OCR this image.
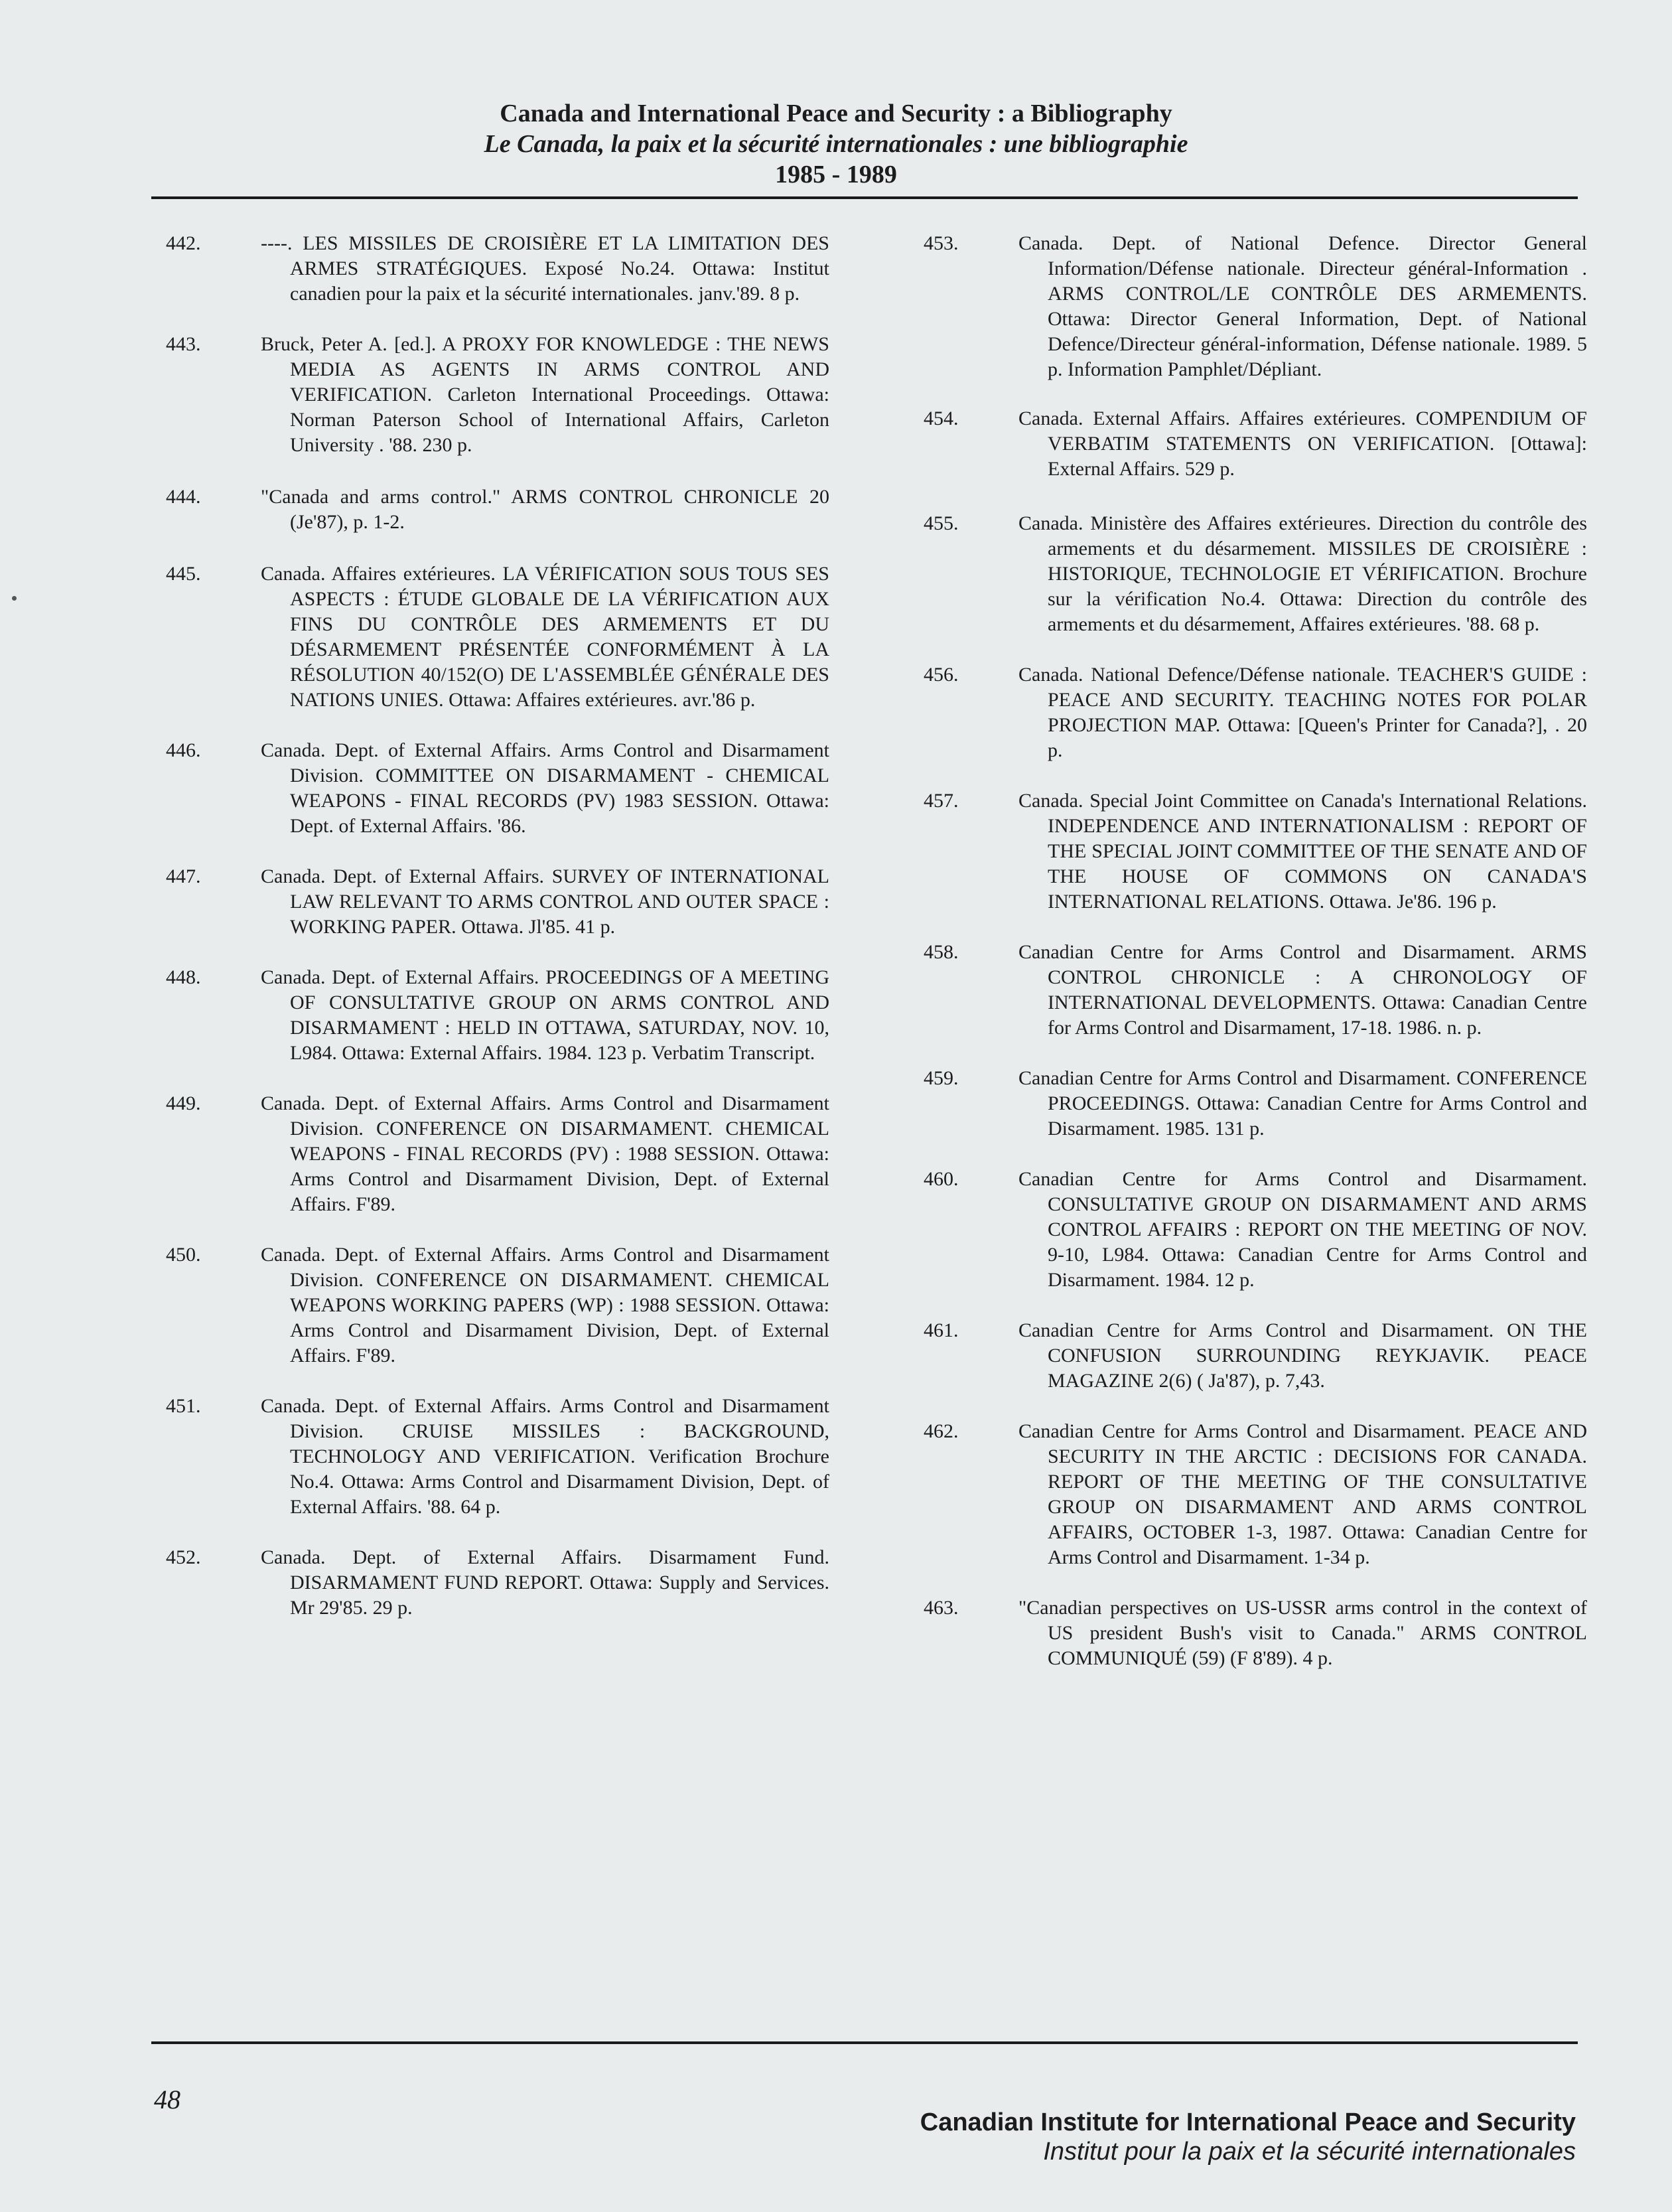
Canada and International Peace and Security : a Bibliography
Le Canada, la paix et la sécurité internationales : une bibliographie
1985 - 1989
442.	----. LES MISSILES DE CROISIÈRE ET LA LIMITATION DES ARMES STRATÉGIQUES. Exposé No.24. Ottawa: Institut canadien pour la paix et la sécurité internationales. janv.'89. 8 p.
443.	Bruck, Peter A. [ed.]. A PROXY FOR KNOWLEDGE : THE NEWS MEDIA AS AGENTS IN ARMS CONTROL AND VERIFICATION. Carleton International Proceedings. Ottawa: Norman Paterson School of International Affairs, Carleton University . '88. 230 p.
444.	"Canada and arms control." ARMS CONTROL CHRONICLE 20 (Je'87), p. 1-2.
445.	Canada. Affaires extérieures. LA VÉRIFICATION SOUS TOUS SES ASPECTS : ÉTUDE GLOBALE DE LA VÉRIFICATION AUX FINS DU CONTRÔLE DES ARMEMENTS ET DU DÉSARMEMENT PRÉSENTÉE CONFORMÉMENT À LA RÉSOLUTION 40/152(O) DE L'ASSEMBLÉE GÉNÉRALE DES NATIONS UNIES. Ottawa: Affaires extérieures. avr.'86 p.
446.	Canada. Dept. of External Affairs. Arms Control and Disarmament Division. COMMITTEE ON DISARMAMENT - CHEMICAL WEAPONS - FINAL RECORDS (PV) 1983 SESSION. Ottawa: Dept. of External Affairs. '86.
447.	Canada. Dept. of External Affairs. SURVEY OF INTERNATIONAL LAW RELEVANT TO ARMS CONTROL AND OUTER SPACE : WORKING PAPER. Ottawa. Jl'85. 41 p.
448.	Canada. Dept. of External Affairs. PROCEEDINGS OF A MEETING OF CONSULTATIVE GROUP ON ARMS CONTROL AND DISARMAMENT : HELD IN OTTAWA, SATURDAY, NOV. 10, L984. Ottawa: External Affairs. 1984. 123 p. Verbatim Transcript.
449.	Canada. Dept. of External Affairs. Arms Control and Disarmament Division. CONFERENCE ON DISARMAMENT. CHEMICAL WEAPONS - FINAL RECORDS (PV) : 1988 SESSION. Ottawa: Arms Control and Disarmament Division, Dept. of External Affairs. F'89.
450.	Canada. Dept. of External Affairs. Arms Control and Disarmament Division. CONFERENCE ON DISARMAMENT. CHEMICAL WEAPONS WORKING PAPERS (WP) : 1988 SESSION. Ottawa: Arms Control and Disarmament Division, Dept. of External Affairs. F'89.
451.	Canada. Dept. of External Affairs. Arms Control and Disarmament Division. CRUISE MISSILES : BACKGROUND, TECHNOLOGY AND VERIFICATION. Verification Brochure No.4. Ottawa: Arms Control and Disarmament Division, Dept. of External Affairs. '88. 64 p.
452.	Canada. Dept. of External Affairs. Disarmament Fund. DISARMAMENT FUND REPORT. Ottawa: Supply and Services. Mr 29'85. 29 p.
453.	Canada. Dept. of National Defence. Director General Information/Défense nationale. Directeur général-Information . ARMS CONTROL/LE CONTRÔLE DES ARMEMENTS. Ottawa: Director General Information, Dept. of National Defence/Directeur général-information, Défense nationale. 1989. 5 p. Information Pamphlet/Dépliant.
454.	Canada. External Affairs. Affaires extérieures. COMPENDIUM OF VERBATIM STATEMENTS ON VERIFICATION. [Ottawa]: External Affairs. 529 p.
455.	Canada. Ministère des Affaires extérieures. Direction du contrôle des armements et du désarmement. MISSILES DE CROISIÈRE : HISTORIQUE, TECHNOLOGIE ET VÉRIFICATION. Brochure sur la vérification No.4. Ottawa: Direction du contrôle des armements et du désarmement, Affaires extérieures. '88. 68 p.
456.	Canada. National Defence/Défense nationale. TEACHER'S GUIDE : PEACE AND SECURITY. TEACHING NOTES FOR POLAR PROJECTION MAP. Ottawa: [Queen's Printer for Canada?], . 20 p.
457.	Canada. Special Joint Committee on Canada's International Relations. INDEPENDENCE AND INTERNATIONALISM : REPORT OF THE SPECIAL JOINT COMMITTEE OF THE SENATE AND OF THE HOUSE OF COMMONS ON CANADA'S INTERNATIONAL RELATIONS. Ottawa. Je'86. 196 p.
458.	Canadian Centre for Arms Control and Disarmament. ARMS CONTROL CHRONICLE : A CHRONOLOGY OF INTERNATIONAL DEVELOPMENTS. Ottawa: Canadian Centre for Arms Control and Disarmament, 17-18. 1986. n. p.
459.	Canadian Centre for Arms Control and Disarmament. CONFERENCE PROCEEDINGS. Ottawa: Canadian Centre for Arms Control and Disarmament. 1985. 131 p.
460.	Canadian Centre for Arms Control and Disarmament. CONSULTATIVE GROUP ON DISARMAMENT AND ARMS CONTROL AFFAIRS : REPORT ON THE MEETING OF NOV. 9-10, L984. Ottawa: Canadian Centre for Arms Control and Disarmament. 1984. 12 p.
461.	Canadian Centre for Arms Control and Disarmament. ON THE CONFUSION SURROUNDING REYKJAVIK. PEACE MAGAZINE 2(6) ( Ja'87), p. 7,43.
462.	Canadian Centre for Arms Control and Disarmament. PEACE AND SECURITY IN THE ARCTIC : DECISIONS FOR CANADA. REPORT OF THE MEETING OF THE CONSULTATIVE GROUP ON DISARMAMENT AND ARMS CONTROL AFFAIRS, OCTOBER 1-3, 1987. Ottawa: Canadian Centre for Arms Control and Disarmament. 1-34 p.
463.	"Canadian perspectives on US-USSR arms control in the context of US president Bush's visit to Canada." ARMS CONTROL COMMUNIQUÉ (59) (F 8'89). 4 p.
48
Canadian Institute for International Peace and Security
Institut pour la paix et la sécurité internationales
